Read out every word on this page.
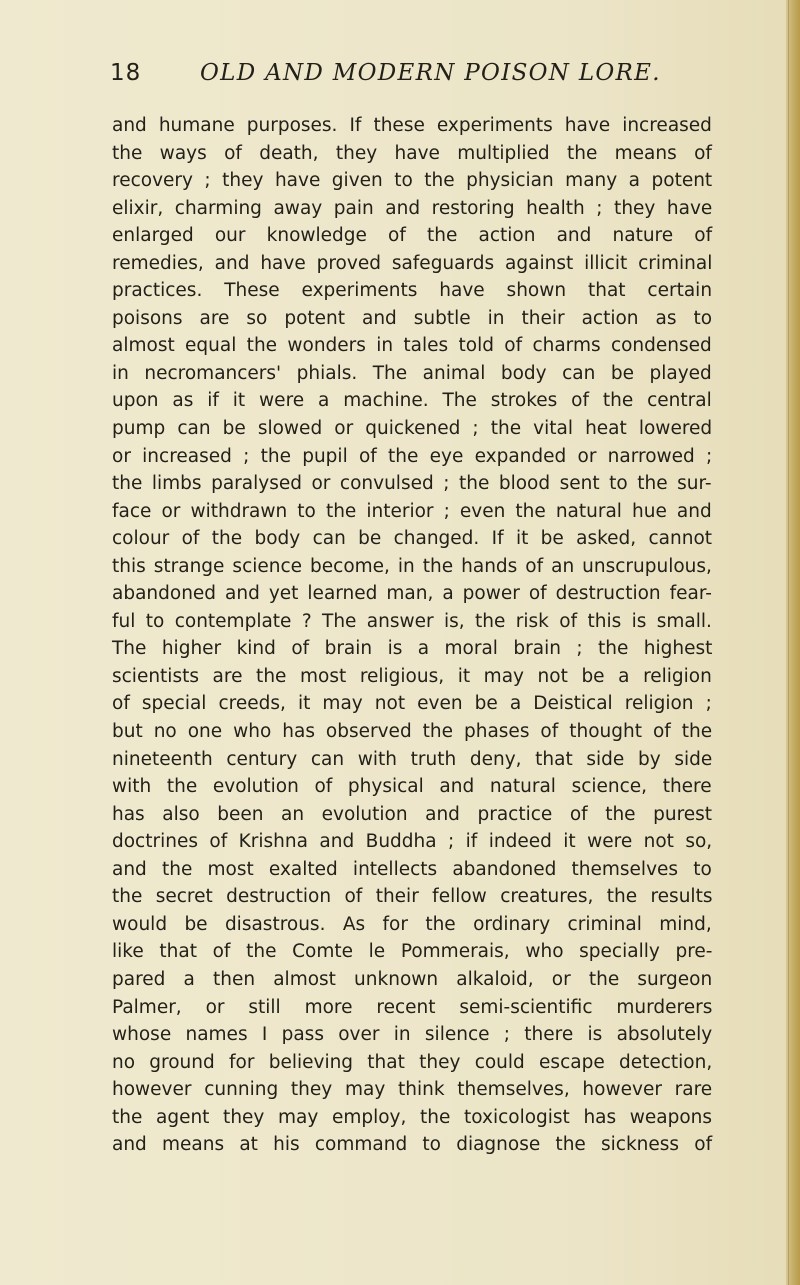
18	OLD AND MODERN POISON LORE.
and humane purposes. If these experiments have increased
the ways of death, they have multiplied the means of
recovery ; they have given to the physician many a potent
elixir, charming away pain and restoring health ; they have
enlarged our knowledge of the action and nature of
remedies, and have proved safeguards against illicit criminal
practices. These experiments have shown that certain
poisons are so potent and subtle in their action as to
almost equal the wonders in tales told of charms condensed
in necromancers' phials. The animal body can be played
upon as if it were a machine. The strokes of the central
pump can be slowed or quickened ; the vital heat lowered
or increased ; the pupil of the eye expanded or narrowed ;
the limbs paralysed or convulsed ; the blood sent to the sur-
face or withdrawn to the interior ; even the natural hue and
colour of the body can be changed. If it be asked, cannot
this strange science become, in the hands of an unscrupulous,
abandoned and yet learned man, a power of destruction fear-
ful to contemplate ? The answer is, the risk of this is small.
The higher kind of brain is a moral brain ; the highest
scientists are the most religious, it may not be a religion
of special creeds, it may not even be a Deistical religion ;
but no one who has observed the phases of thought of the
nineteenth century can with truth deny, that side by side
with the evolution of physical and natural science, there
has also been an evolution and practice of the purest
doctrines of Krishna and Buddha ; if indeed it were not so,
and the most exalted intellects abandoned themselves to
the secret destruction of their fellow creatures, the results
would be disastrous. As for the ordinary criminal mind,
like that of the Comte le Pommerais, who specially pre-
pared a then almost unknown alkaloid, or the surgeon
Palmer, or still more recent semi-scientific murderers
whose names I pass over in silence ; there is absolutely
no ground for believing that they could escape detection,
however cunning they may think themselves, however rare
the agent they may employ, the toxicologist has weapons
and means at his command to diagnose the sickness of
